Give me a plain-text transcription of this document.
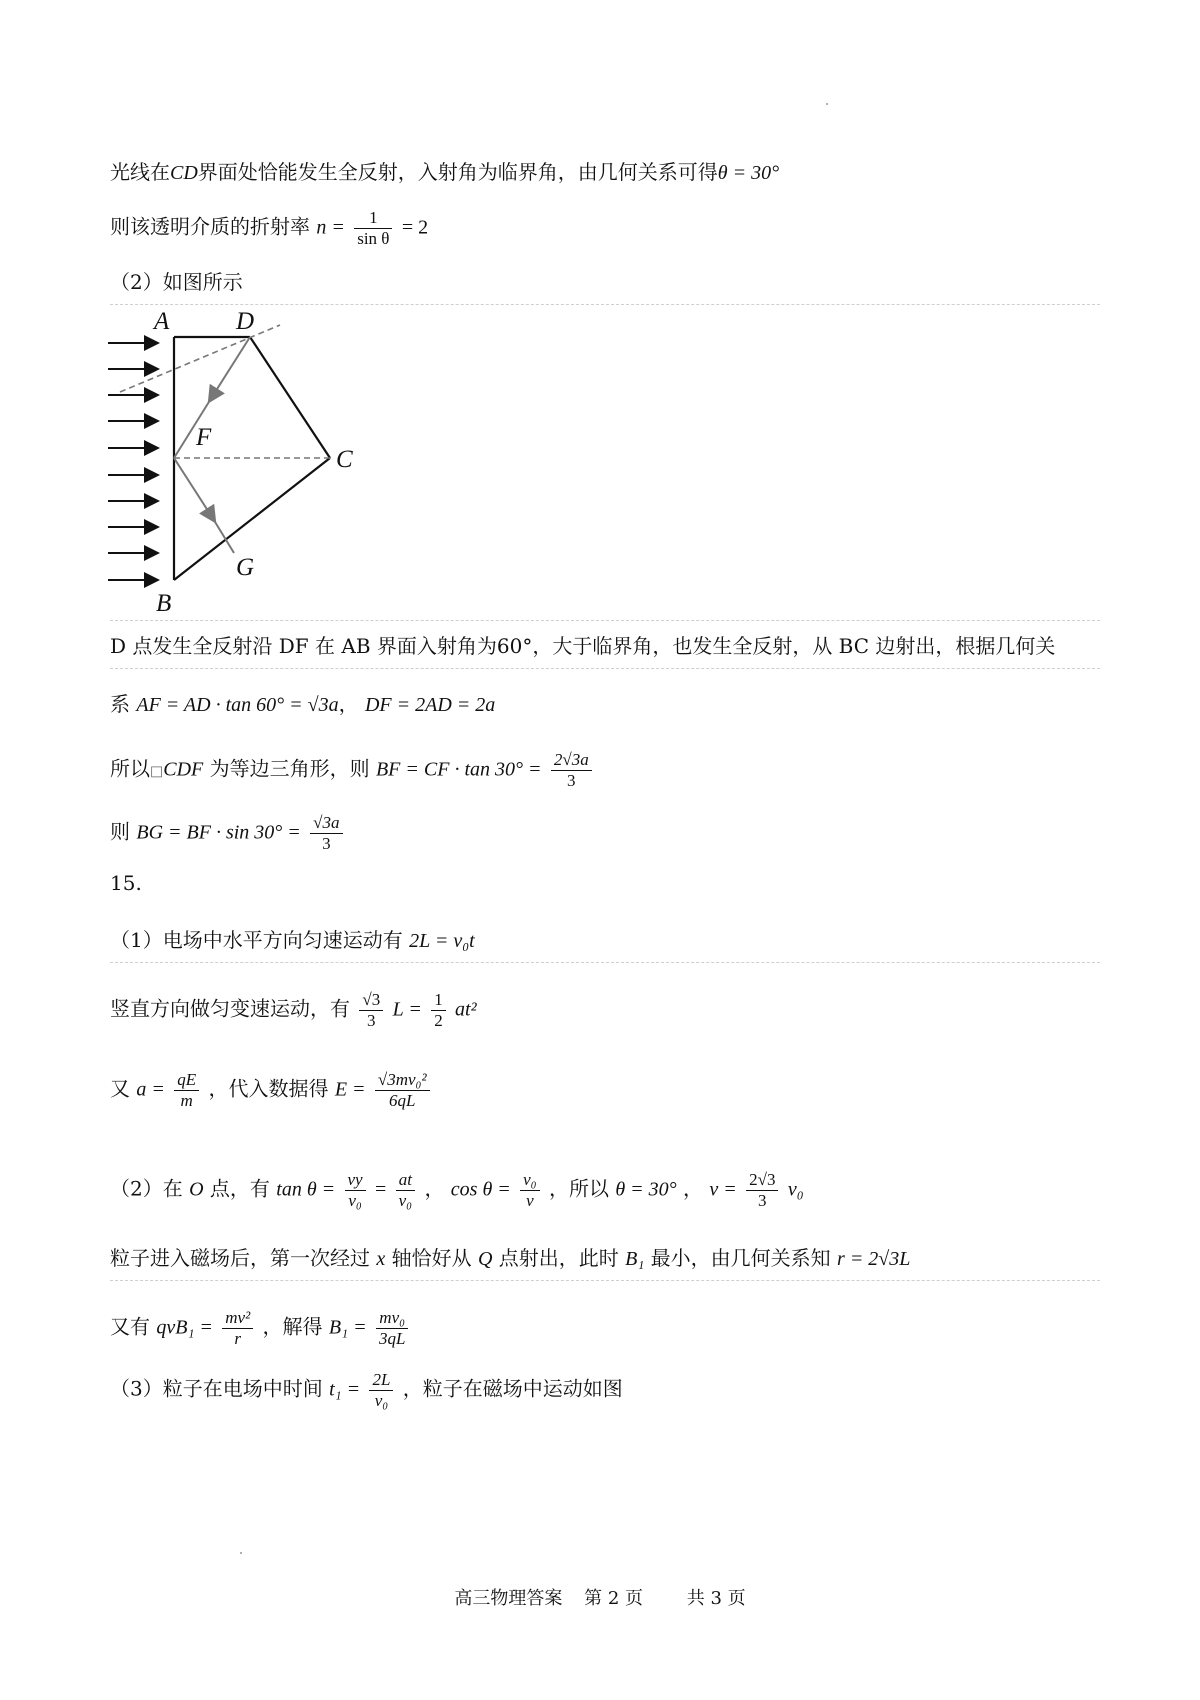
光线在CD界面处恰能发生全反射，入射角为临界角，由几何关系可得θ = 30°
则该透明介质的折射率 $n = \frac{1}{\text{sin θ}} = 2$
（2）如图所示
A	D
F
C
G
B
D 点发生全反射沿 DF 在 AB 界面入射角为60°，大于临界角，也发生全反射，从 BC 边射出，根据几何关
系 AF = AD · tan 60° = √3a， DF = 2AD = 2a
所以□CDF 为等边三角形，则 BF = CF · $\tan 30^\circ = \frac{2√3a}{3}$
则 BG = BF · $\sin 30^\circ = \frac{√3a}{3}$
15.
（1）电场中水平方向匀速运动有 2L = v₀t
竖直方向做匀变速运动，有 $\frac{√3}{3}$ $L = \frac{1}{2} at^2$
又 $a = \frac{qE}{m}$ ，代入数据得 $E = \frac{\text{√3mv₀²}}{6qL}$
（2）在 O 点，有 $\tan \theta = \frac{vy}{\text{v₀}} = \frac{at}{\text{v₀}}$ ， $\cos \theta = \frac{\text{v₀}}{v}$ ，所以 θ = 30° ， $v = \frac{2√3}{3} v_0$
粒子进入磁场后，第一次经过 x 轴恰好从 Q 点射出，此时 B₁ 最小，由几何关系知 r = 2√3L
又有 $qvB_1 = \frac{\text{mv²}}{r}$ ，解得 $B_1 = \frac{\text{mv₀}}{3qL}$
（3）粒子在电场中时间 $t_1 = \frac{2L}{\text{v₀}}$ ，粒子在磁场中运动如图
高三物理答案 第 2 页 共 3 页
